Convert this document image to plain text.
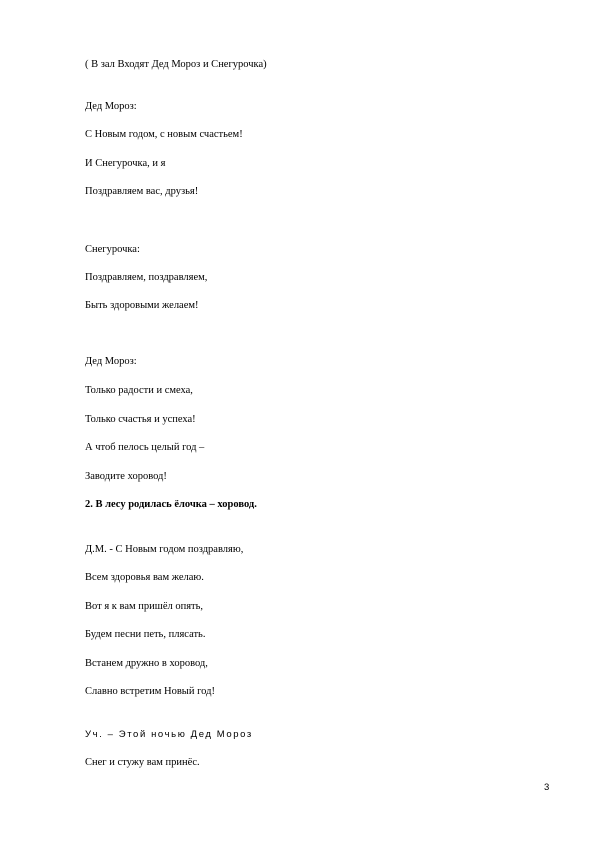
( В зал Входят Дед Мороз и Снегурочка)
Дед Мороз:
С Новым годом, с новым счастьем!
И Снегурочка, и я
Поздравляем вас, друзья!
Снегурочка:
Поздравляем, поздравляем,
Быть здоровыми желаем!
Дед Мороз:
Только радости и смеха,
Только счастья и успеха!
А чтоб пелось целый год –
Заводите хоровод!
2. В лесу родилась ёлочка – хоровод.
Д.М. - С Новым годом поздравляю,
Всем здоровья вам желаю.
Вот я к вам пришёл опять,
Будем песни петь, плясать.
Встанем дружно в хоровод,
Славно встретим Новый год!
Уч. – Этой ночью Дед Мороз
Снег и стужу вам принёс.
3
